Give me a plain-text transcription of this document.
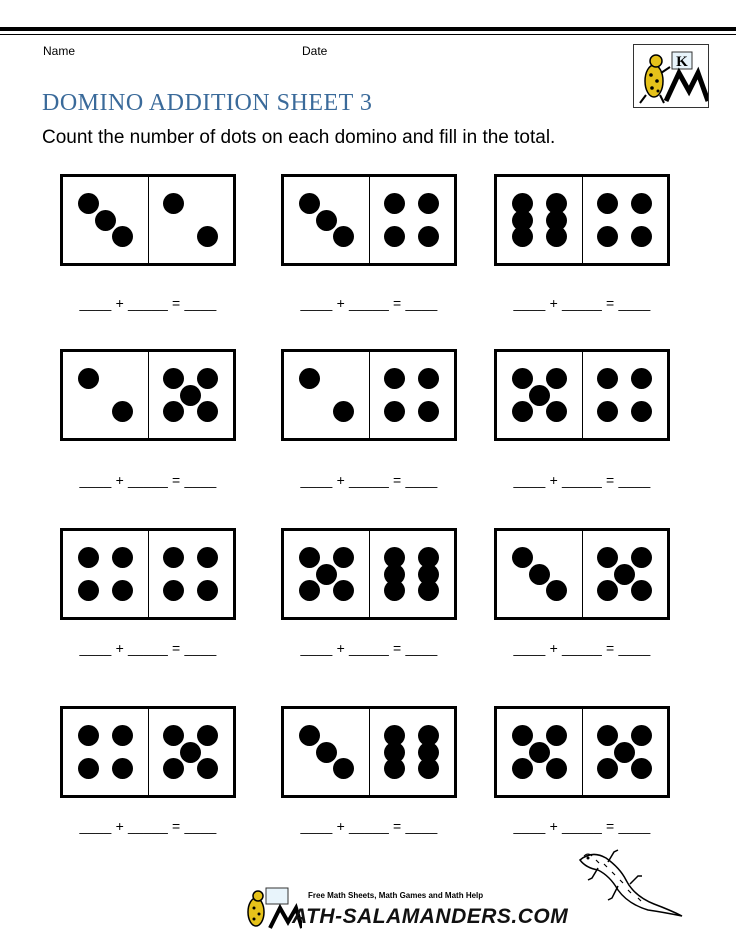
Name	Date
K
DOMINO ADDITION SHEET 3
Count the number of dots on each domino and fill in the total.
____ + _____ = ____	____ + _____ = ____	____ + _____ = ____
____ + _____ = ____	____ + _____ = ____	____ + _____ = ____
____ + _____ = ____	____ + _____ = ____	____ + _____ = ____
____ + _____ = ____	____ + _____ = ____	____ + _____ = ____
Free Math Sheets, Math Games and Math Help
ATH-SALAMANDERS.COM
